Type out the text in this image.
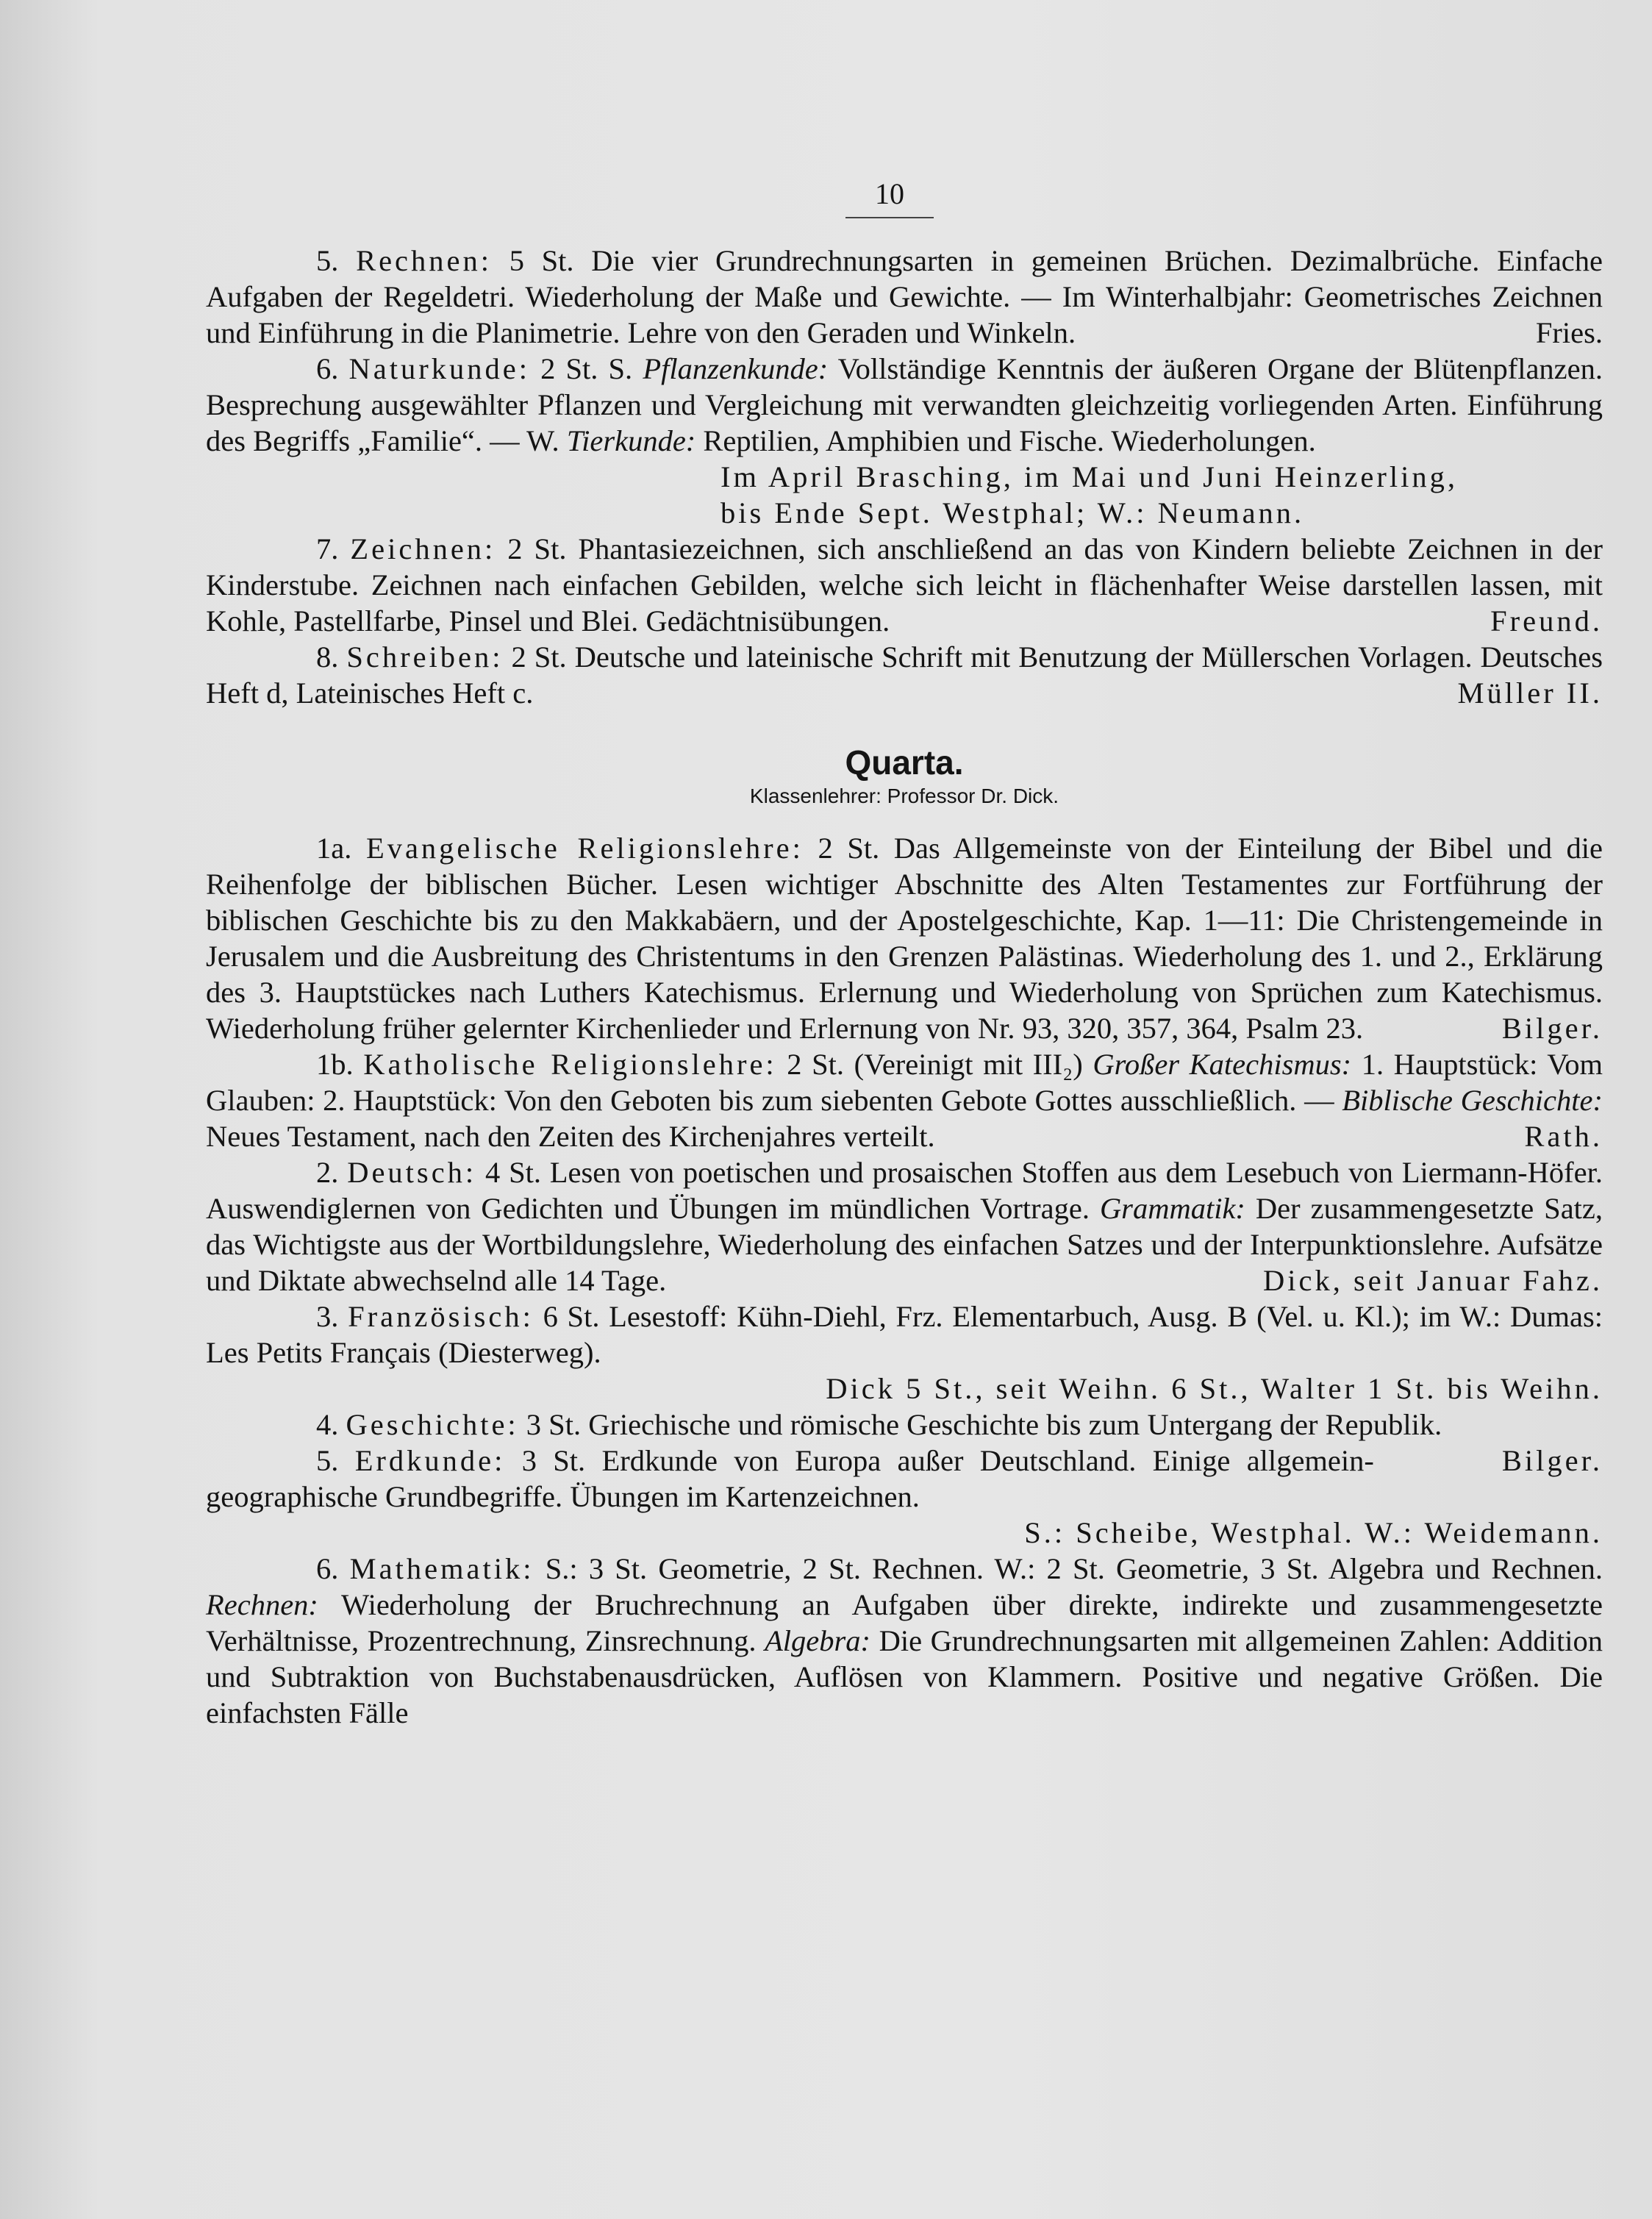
10

5. Rechnen: 5 St. Die vier Grundrechnungsarten in gemeinen Brüchen. Dezimalbrüche. Einfache Aufgaben der Regeldetri. Wiederholung der Maße und Gewichte. — Im Winterhalbjahr: Geometrisches Zeichnen und Einführung in die Planimetrie. Lehre von den Geraden und Winkeln.	Fries.

6. Naturkunde: 2 St. S. Pflanzenkunde: Vollständige Kenntnis der äußeren Organe der Blütenpflanzen. Besprechung ausgewählter Pflanzen und Vergleichung mit verwandten gleichzeitig vorliegenden Arten. Einführung des Begriffs „Familie“. — W. Tierkunde: Reptilien, Amphibien und Fische. Wiederholungen.

Im April Brasching, im Mai und Juni Heinzerling,

bis Ende Sept. Westphal; W.: Neumann.

7. Zeichnen: 2 St. Phantasiezeichnen, sich anschließend an das von Kindern beliebte Zeichnen in der Kinderstube. Zeichnen nach einfachen Gebilden, welche sich leicht in flächenhafter Weise darstellen lassen, mit Kohle, Pastellfarbe, Pinsel und Blei. Gedächtnisübungen.	Freund.

8. Schreiben: 2 St. Deutsche und lateinische Schrift mit Benutzung der Müllerschen Vorlagen. Deutsches Heft d, Lateinisches Heft c.	Müller II.

Quarta.
Klassenlehrer: Professor Dr. Dick.

1a. Evangelische Religionslehre: 2 St. Das Allgemeinste von der Einteilung der Bibel und die Reihenfolge der biblischen Bücher. Lesen wichtiger Abschnitte des Alten Testamentes zur Fortführung der biblischen Geschichte bis zu den Makkabäern, und der Apostelgeschichte, Kap. 1—11: Die Christengemeinde in Jerusalem und die Ausbreitung des Christentums in den Grenzen Palästinas. Wiederholung des 1. und 2., Erklärung des 3. Hauptstückes nach Luthers Katechismus. Erlernung und Wiederholung von Sprüchen zum Katechismus. Wiederholung früher gelernter Kirchenlieder und Erlernung von Nr. 93, 320, 357, 364, Psalm 23.	Bilger.

1b. Katholische Religionslehre: 2 St. (Vereinigt mit III₂) Großer Katechismus: 1. Hauptstück: Vom Glauben: 2. Hauptstück: Von den Geboten bis zum siebenten Gebote Gottes ausschließlich. — Biblische Geschichte: Neues Testament, nach den Zeiten des Kirchenjahres verteilt.	Rath.

2. Deutsch: 4 St. Lesen von poetischen und prosaischen Stoffen aus dem Lesebuch von Liermann-Höfer. Auswendiglernen von Gedichten und Übungen im mündlichen Vortrage. Grammatik: Der zusammengesetzte Satz, das Wichtigste aus der Wortbildungslehre, Wiederholung des einfachen Satzes und der Interpunktionslehre. Aufsätze und Diktate abwechselnd alle 14 Tage.	Dick, seit Januar Fahz.

3. Französisch: 6 St. Lesestoff: Kühn-Diehl, Frz. Elementarbuch, Ausg. B (Vel. u. Kl.); im W.: Dumas: Les Petits Français (Diesterweg).

Dick 5 St., seit Weihn. 6 St., Walter 1 St. bis Weihn.

4. Geschichte: 3 St. Griechische und römische Geschichte bis zum Untergang der Republik.
Bilger.

5. Erdkunde: 3 St. Erdkunde von Europa außer Deutschland. Einige allgemein-geographische Grundbegriffe. Übungen im Kartenzeichnen.

S.: Scheibe, Westphal. W.: Weidemann.

6. Mathematik: S.: 3 St. Geometrie, 2 St. Rechnen. W.: 2 St. Geometrie, 3 St. Algebra und Rechnen. Rechnen: Wiederholung der Bruchrechnung an Aufgaben über direkte, indirekte und zusammengesetzte Verhältnisse, Prozentrechnung, Zinsrechnung. Algebra: Die Grundrechnungsarten mit allgemeinen Zahlen: Addition und Subtraktion von Buchstabenausdrücken, Auflösen von Klammern. Positive und negative Größen. Die einfachsten Fälle
